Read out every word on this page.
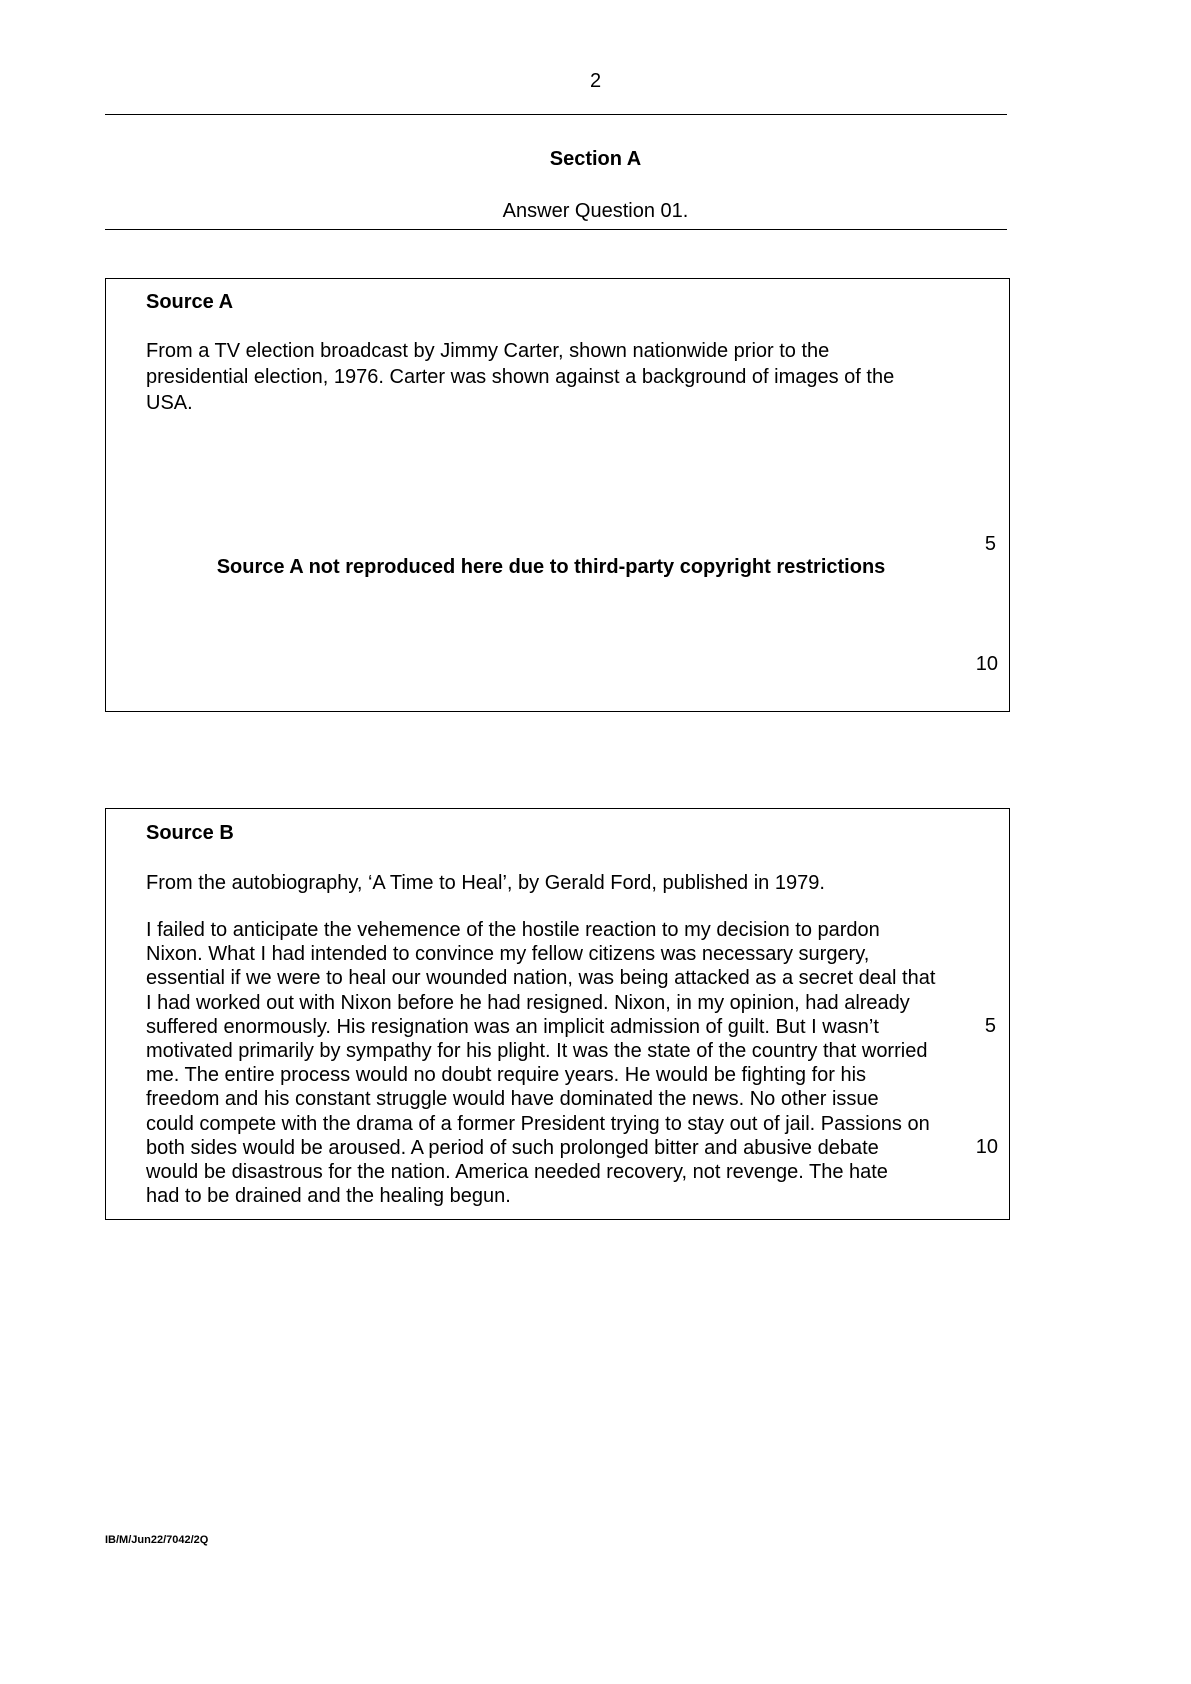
2
Section A
Answer Question 01.
Source A
From a TV election broadcast by Jimmy Carter, shown nationwide prior to the
presidential election, 1976. Carter was shown against a background of images of the
USA.
Source A not reproduced here due to third-party copyright restrictions
5
10
Source B
From the autobiography, ‘A Time to Heal’, by Gerald Ford, published in 1979.
I failed to anticipate the vehemence of the hostile reaction to my decision to pardon
Nixon. What I had intended to convince my fellow citizens was necessary surgery,
essential if we were to heal our wounded nation, was being attacked as a secret deal that
I had worked out with Nixon before he had resigned. Nixon, in my opinion, had already
suffered enormously. His resignation was an implicit admission of guilt. But I wasn’t
motivated primarily by sympathy for his plight. It was the state of the country that worried
me. The entire process would no doubt require years. He would be fighting for his
freedom and his constant struggle would have dominated the news. No other issue
could compete with the drama of a former President trying to stay out of jail. Passions on
both sides would be aroused. A period of such prolonged bitter and abusive debate
would be disastrous for the nation. America needed recovery, not revenge. The hate
had to be drained and the healing begun.
5
10
IB/M/Jun22/7042/2Q
